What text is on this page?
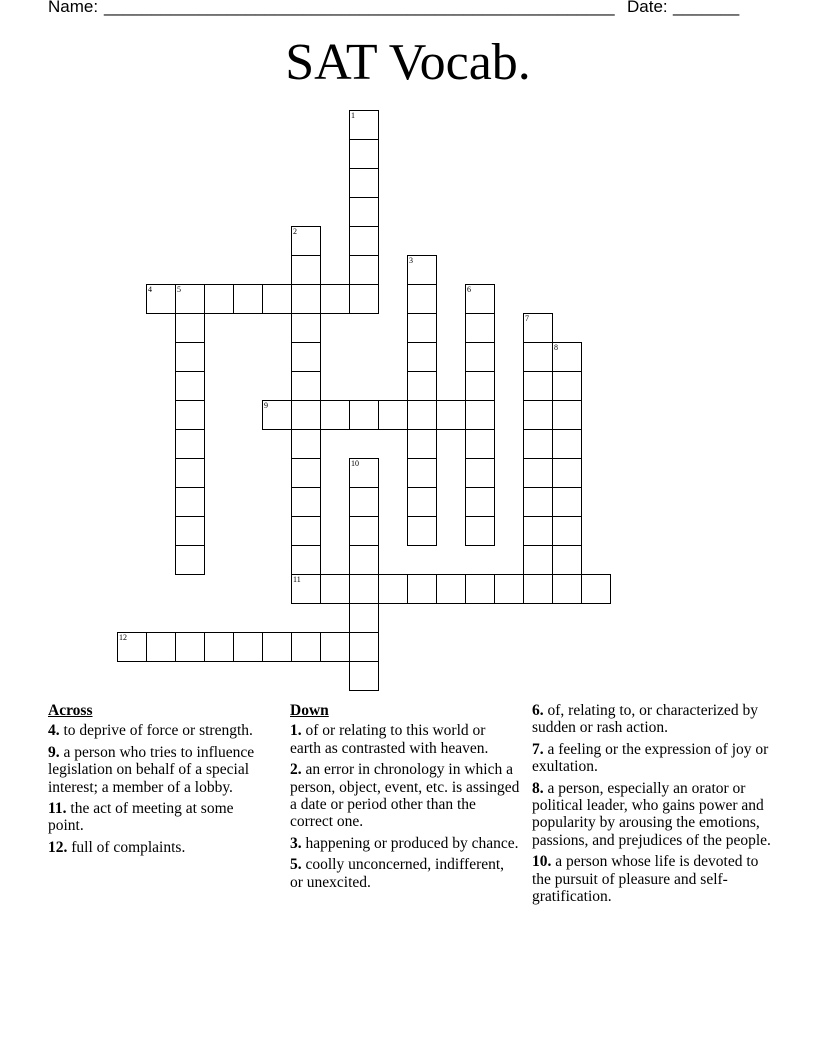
Name: ______________________________________________________ Date: _______
SAT Vocab.
1
2
11
3
4	5	6
7
8
9
10
12
Across
4. to deprive of force or strength.
9. a person who tries to influence legislation on behalf of a special interest; a member of a lobby.
11. the act of meeting at some point.
12. full of complaints.
Down
1. of or relating to this world or earth as contrasted with heaven.
2. an error in chronology in which a person, object, event, etc. is assinged a date or period other than the correct one.
3. happening or produced by chance.
5. coolly unconcerned, indifferent, or unexcited.
6. of, relating to, or characterized by sudden or rash action.
7. a feeling or the expression of joy or exultation.
8. a person, especially an orator or political leader, who gains power and popularity by arousing the emotions, passions, and prejudices of the people.
10. a person whose life is devoted to the pursuit of pleasure and self-gratification.
